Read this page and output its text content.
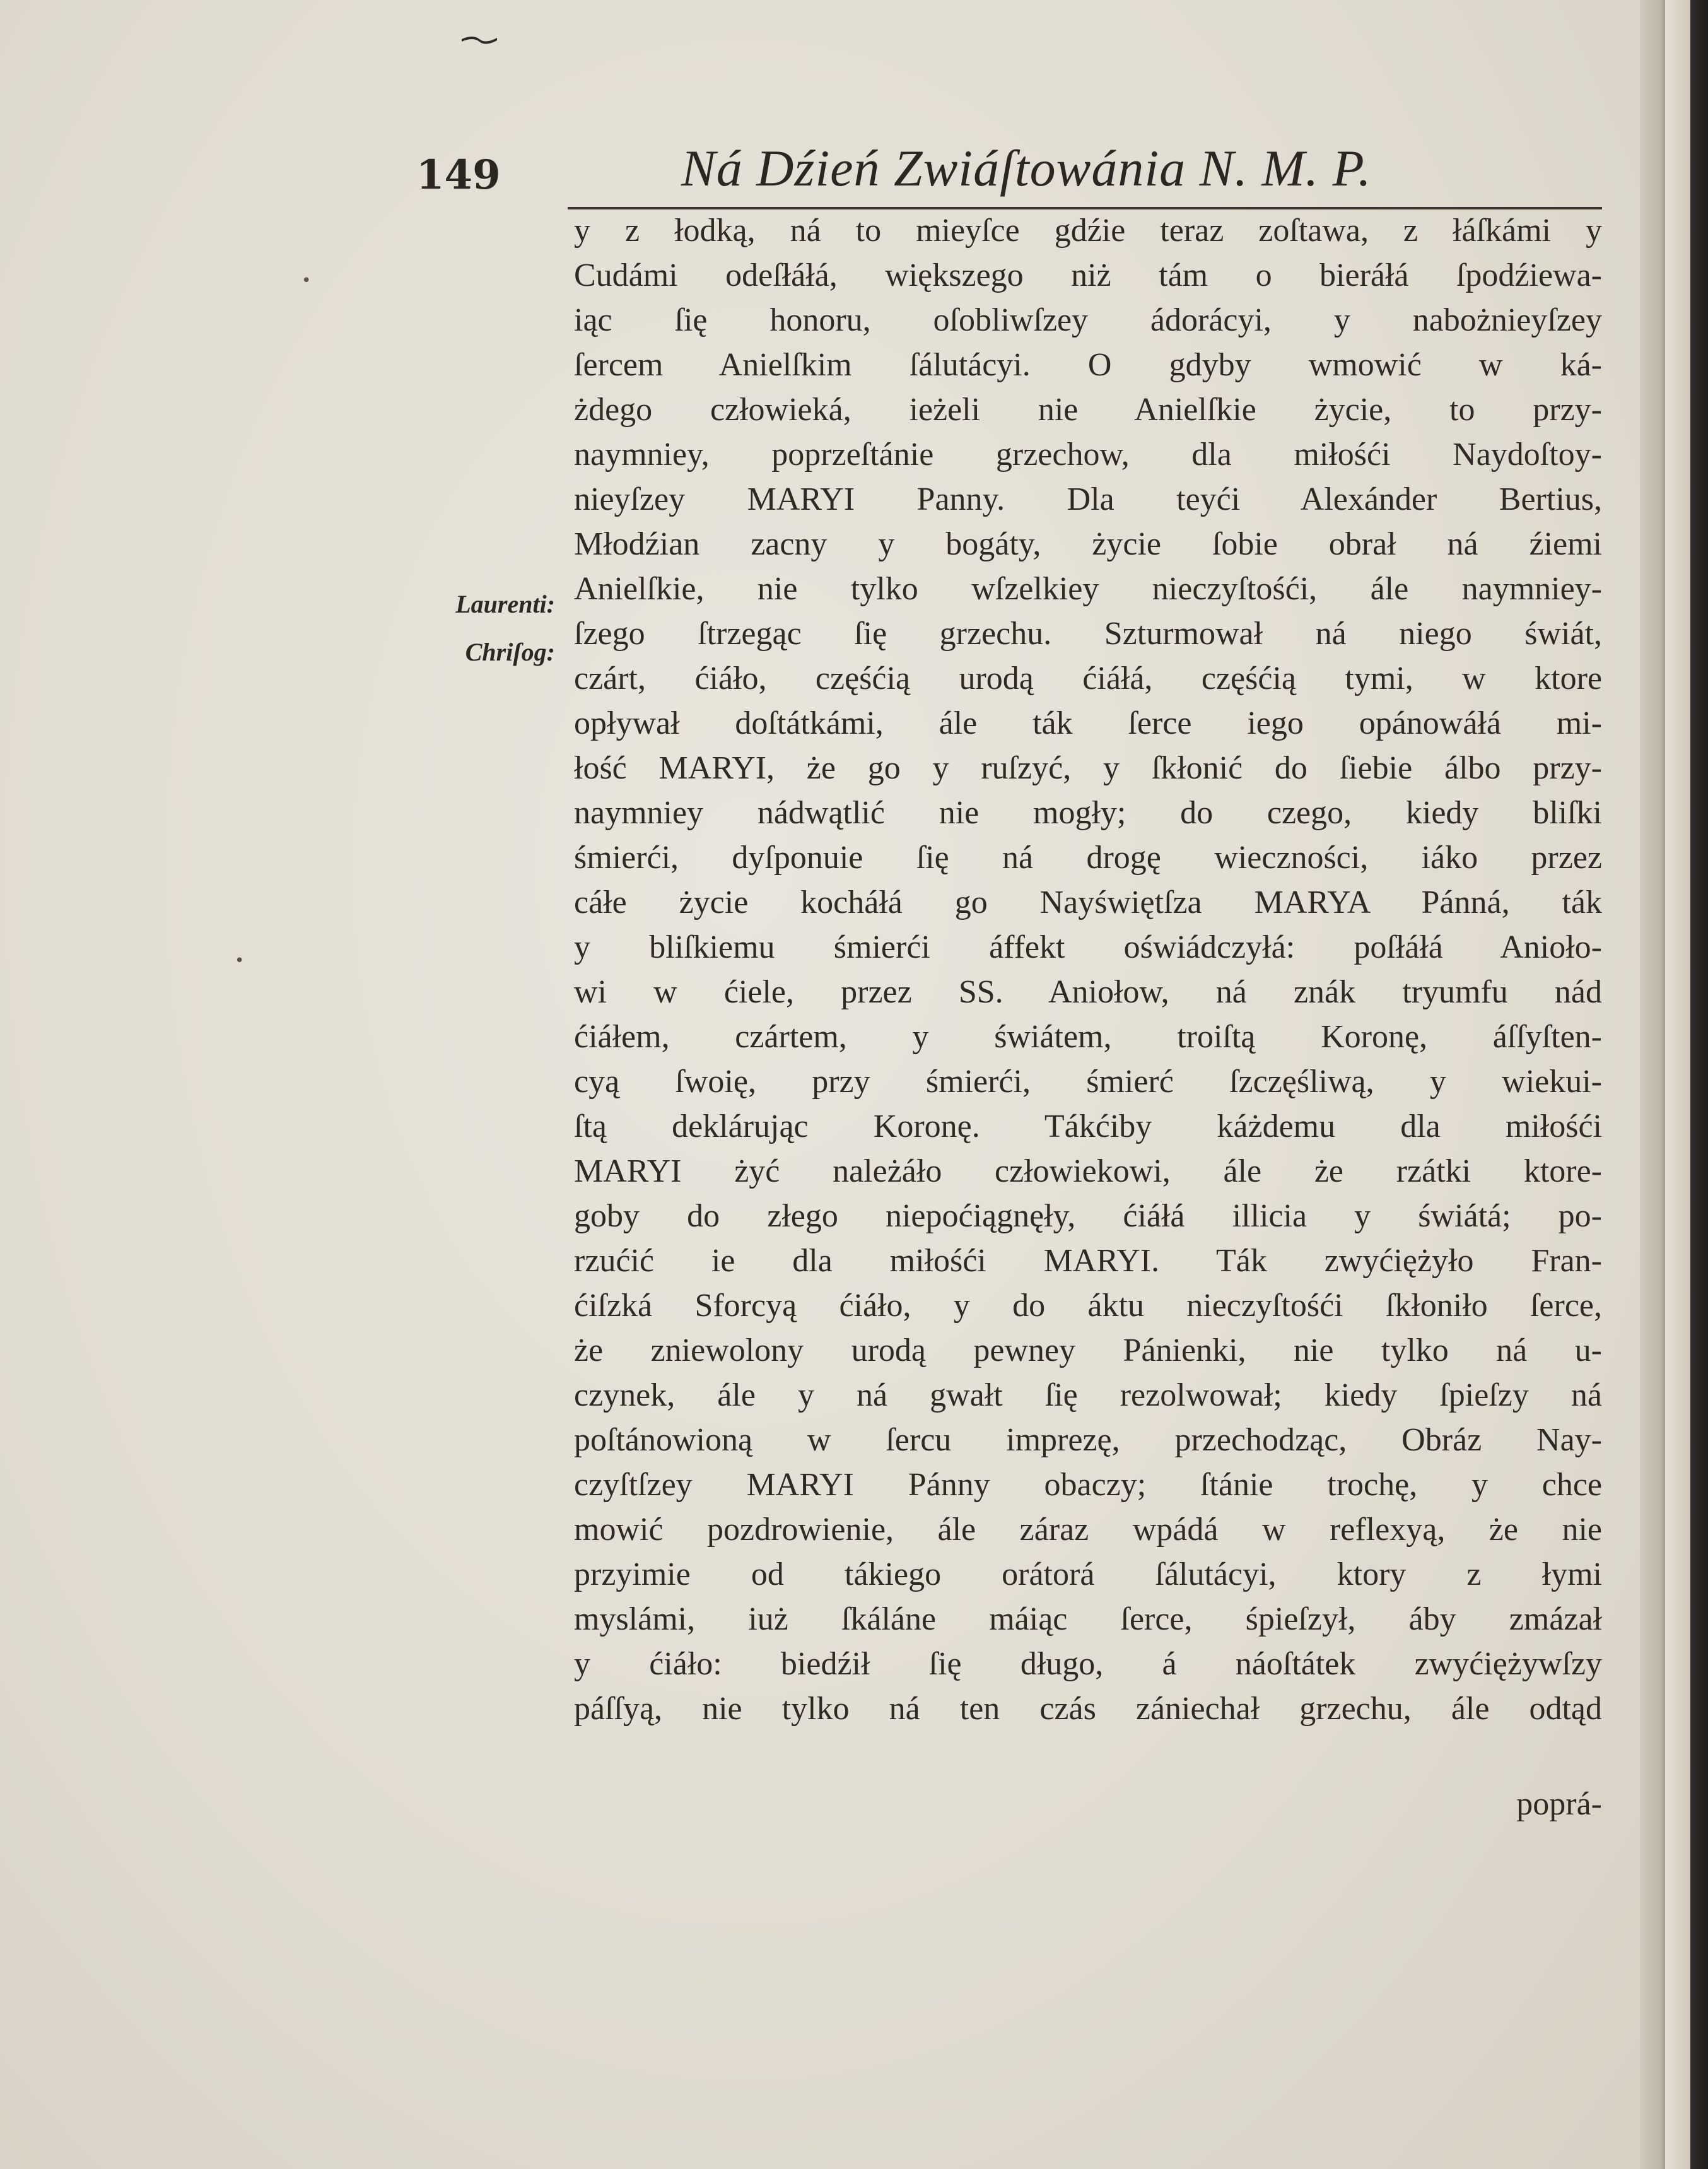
149	Ná Dźień Zwiáſtowánia N. M. P.
Laurenti:
Chriſog:
y z łodką, ná to mieyſce gdźie teraz zoſtawa, z łáſkámi y
Cudámi odeſłáłá, większego niż tám o bieráłá ſpodźiewa-
iąc ſię honoru, oſobliwſzey ádorácyi, y nabożnieyſzey
ſercem Anielſkim ſálutácyi. O gdyby wmowić w ká-
żdego człowieká, ieżeli nie Anielſkie życie, to przy-
naymniey, poprzeſtánie grzechow, dla miłośći Naydoſtoy-
nieyſzey MARYI Panny. Dla teyći Alexánder Bertius,
Młodźian zacny y bogáty, życie ſobie obrał ná źiemi
Anielſkie, nie tylko wſzelkiey nieczyſtośći, ále naymniey-
ſzego ſtrzegąc ſię grzechu. Szturmował ná niego świát,
czárt, ćiáło, częśćią urodą ćiáłá, częśćią tymi, w ktore
opływał doſtátkámi, ále ták ſerce iego opánowáłá mi-
łość MARYI, że go y ruſzyć, y ſkłonić do ſiebie álbo przy-
naymniey nádwątlić nie mogły; do czego, kiedy bliſki
śmierći, dyſponuie ſię ná drogę wieczności, iáko przez
cáłe życie kocháłá go Nayświętſza MARYA Pánná, ták
y bliſkiemu śmierći áffekt oświádczyłá: poſłáłá Anioło-
wi w ćiele, przez SS. Aniołow, ná znák tryumfu nád
ćiáłem, czártem, y świátem, troiſtą Koronę, áſſyſten-
cyą ſwoię, przy śmierći, śmierć ſzczęśliwą, y wiekui-
ſtą deklárując Koronę. Tákćiby káżdemu dla miłośći
MARYI żyć należáło człowiekowi, ále że rzátki ktore-
goby do złego niepoćiągnęły, ćiáłá illicia y świátá; po-
rzućić ie dla miłośći MARYI. Ták zwyćiężyło Fran-
ćiſzká Sforcyą ćiáło, y do áktu nieczyſtośći ſkłoniło ſerce,
że zniewolony urodą pewney Pánienki, nie tylko ná u-
czynek, ále y ná gwałt ſię rezolwował; kiedy ſpieſzy ná
poſtánowioną w ſercu imprezę, przechodząc, Obráz Nay-
czyſtſzey MARYI Pánny obaczy; ſtánie trochę, y chce
mowić pozdrowienie, ále záraz wpádá w reflexyą, że nie
przyimie od tákiego orátorá ſálutácyi, ktory z łymi
myslámi, iuż ſkáláne máiąc ſerce, śpieſzył, áby zmázał
y ćiáło: biedźił ſię długo, á náoſtátek zwyćiężywſzy
páſſyą, nie tylko ná ten czás zániechał grzechu, ále odtąd
poprá-
•
•
